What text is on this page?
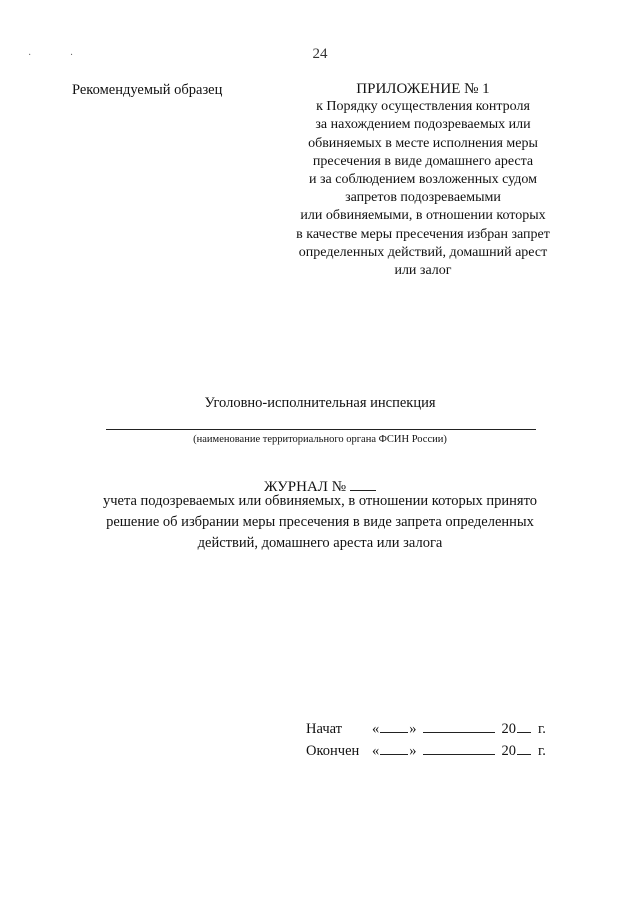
· ·	24
Рекомендуемый образец	ПРИЛОЖЕНИЕ № 1
к Порядку осуществления контроля
за нахождением подозреваемых или
обвиняемых в месте исполнения меры
пресечения в виде домашнего ареста
и за соблюдением возложенных судом
запретов подозреваемыми
или обвиняемыми, в отношении которых
в качестве меры пресечения избран запрет
определенных действий, домашний арест
или залог
Уголовно-исполнительная инспекция
(наименование территориального органа ФСИН России)
ЖУРНАЛ №
учета подозреваемых или обвиняемых, в отношении которых принято
решение об избрании меры пресечения в виде запрета определенных
действий, домашнего ареста или залога
Начат	« »	20 г.
Окончен « »	20 г.
